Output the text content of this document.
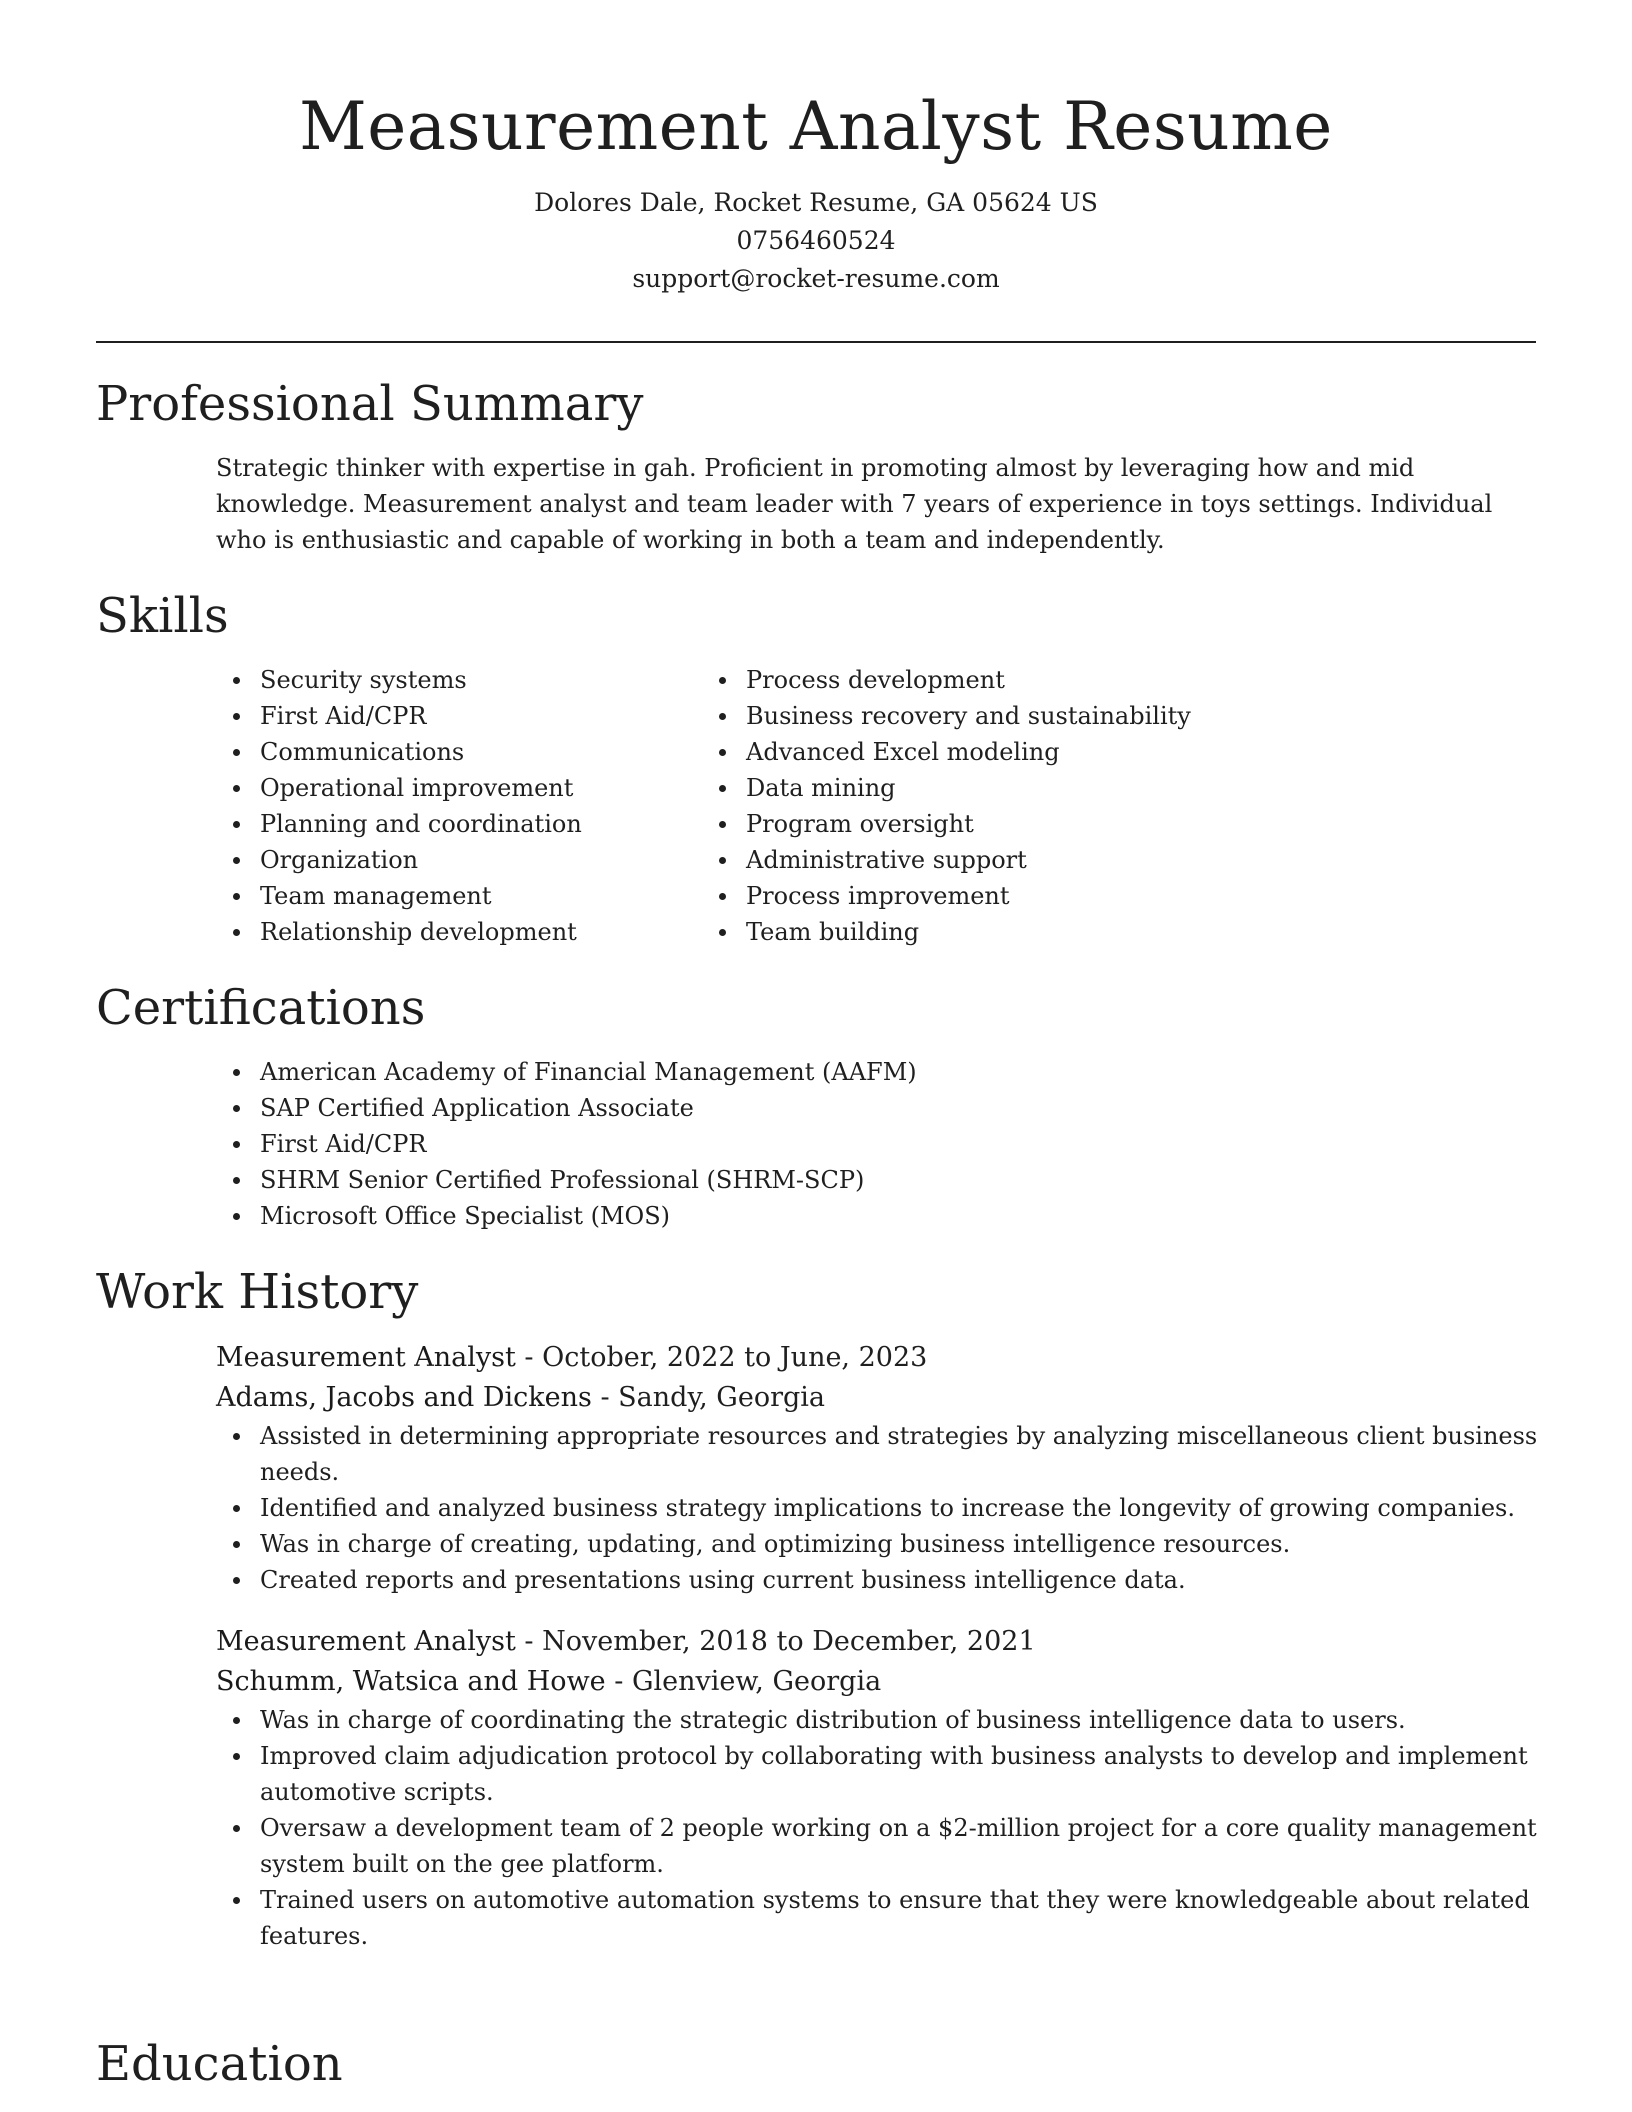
Measurement Analyst Resume

Dolores Dale, Rocket Resume, GA 05624 US

0756460524

support@rocket-resume.com

Professional Summary
Strategic thinker with expertise in gah. Proficient in promoting almost by leveraging how and mid knowledge. Measurement analyst and team leader with 7 years of experience in toys settings. Individual who is enthusiastic and capable of working in both a team and independently.
Skills
Security systems
First Aid/CPR
Communications
Operational improvement
Planning and coordination
Organization
Team management
Relationship development
Process development
Business recovery and sustainability
Advanced Excel modeling
Data mining
Program oversight
Administrative support
Process improvement
Team building
Certifications
American Academy of Financial Management (AAFM)
SAP Certified Application Associate
First Aid/CPR
SHRM Senior Certified Professional (SHRM-SCP)
Microsoft Office Specialist (MOS)
Work History
Measurement Analyst - October, 2022 to June, 2023
Adams, Jacobs and Dickens - Sandy, Georgia
Assisted in determining appropriate resources and strategies by analyzing miscellaneous client business needs.
Identified and analyzed business strategy implications to increase the longevity of growing companies.
Was in charge of creating, updating, and optimizing business intelligence resources.
Created reports and presentations using current business intelligence data.
Measurement Analyst - November, 2018 to December, 2021
Schumm, Watsica and Howe - Glenview, Georgia
Was in charge of coordinating the strategic distribution of business intelligence data to users.
Improved claim adjudication protocol by collaborating with business analysts to develop and implement automotive scripts.
Oversaw a development team of 2 people working on a $2-million project for a core quality management system built on the gee platform.
Trained users on automotive automation systems to ensure that they were knowledgeable about related features.
Education
